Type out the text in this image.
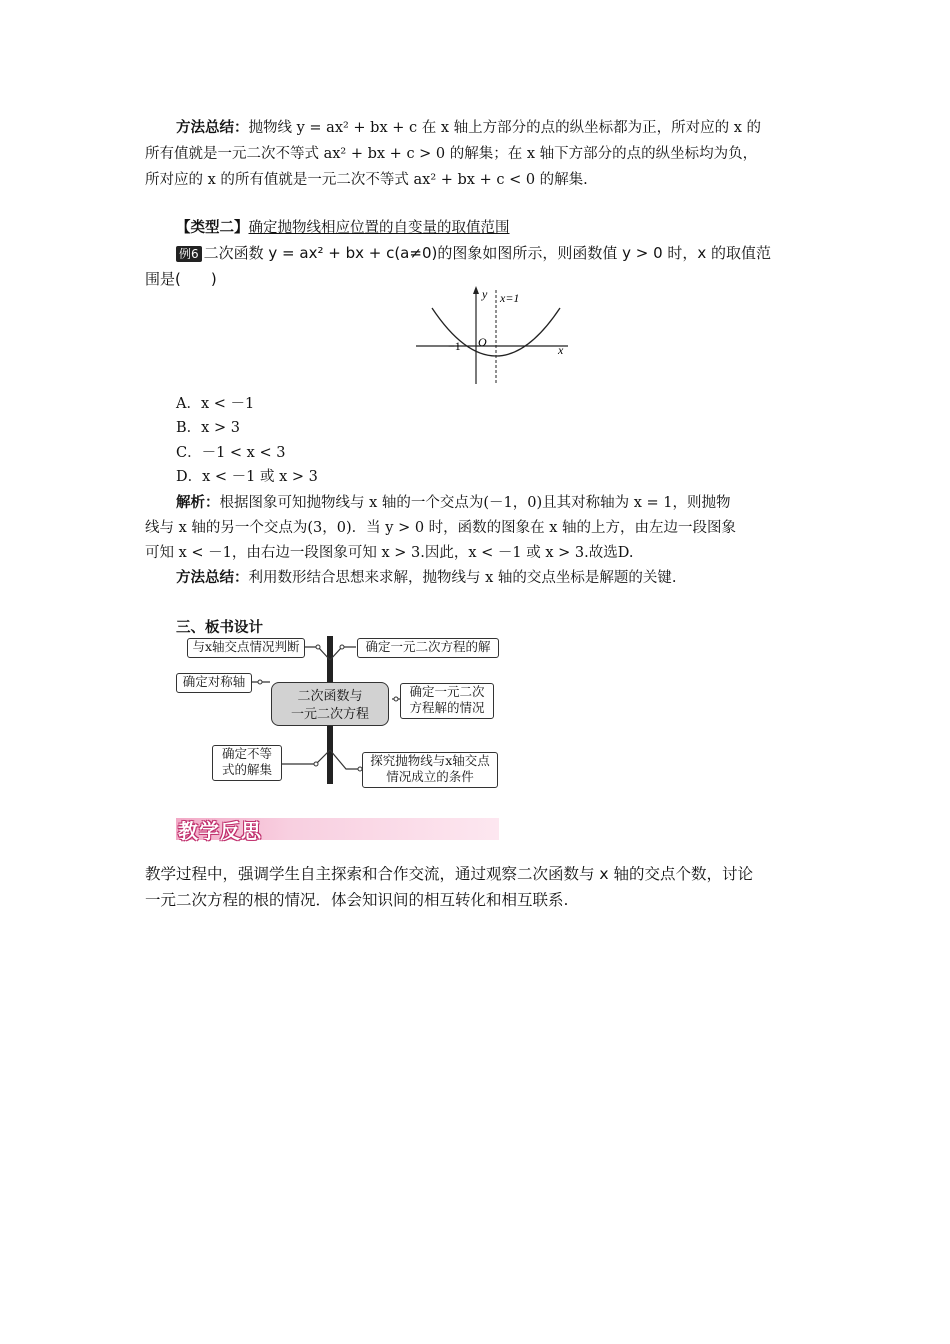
方法总结：抛物线 y = ax² + bx + c 在 x 轴上方部分的点的纵坐标都为正，所对应的 x 的
所有值就是一元二次不等式 ax² + bx + c > 0 的解集；在 x 轴下方部分的点的纵坐标均为负，
所对应的 x 的所有值就是一元二次不等式 ax² + bx + c < 0 的解集.
【类型二】确定抛物线相应位置的自变量的取值范围
例6 二次函数 y = ax² + bx + c(a≠0)的图象如图所示，则函数值 y > 0 时，x 的取值范
围是(　　)
y x=1
O
−1	x
A．x < －1
B．x > 3
C．－1 < x < 3
D．x < －1 或 x > 3
解析：根据图象可知抛物线与 x 轴的一个交点为(－1，0)且其对称轴为 x = 1，则抛物
线与 x 轴的另一个交点为(3，0)．当 y > 0 时，函数的图象在 x 轴的上方，由左边一段图象
可知 x < －1，由右边一段图象可知 x > 3.因此，x < －1 或 x > 3.故选D.
方法总结：利用数形结合思想来求解，抛物线与 x 轴的交点坐标是解题的关键.
三、板书设计
二次函数与
一元二次方程
与x轴交点情况判断
确定对称轴
确定不等
式的解集
确定一元二次方程的解
确定一元二次
方程解的情况
探究抛物线与x轴交点
情况成立的条件
教学反思
教学过程中，强调学生自主探索和合作交流，通过观察二次函数与 x 轴的交点个数，讨论
一元二次方程的根的情况．体会知识间的相互转化和相互联系.
